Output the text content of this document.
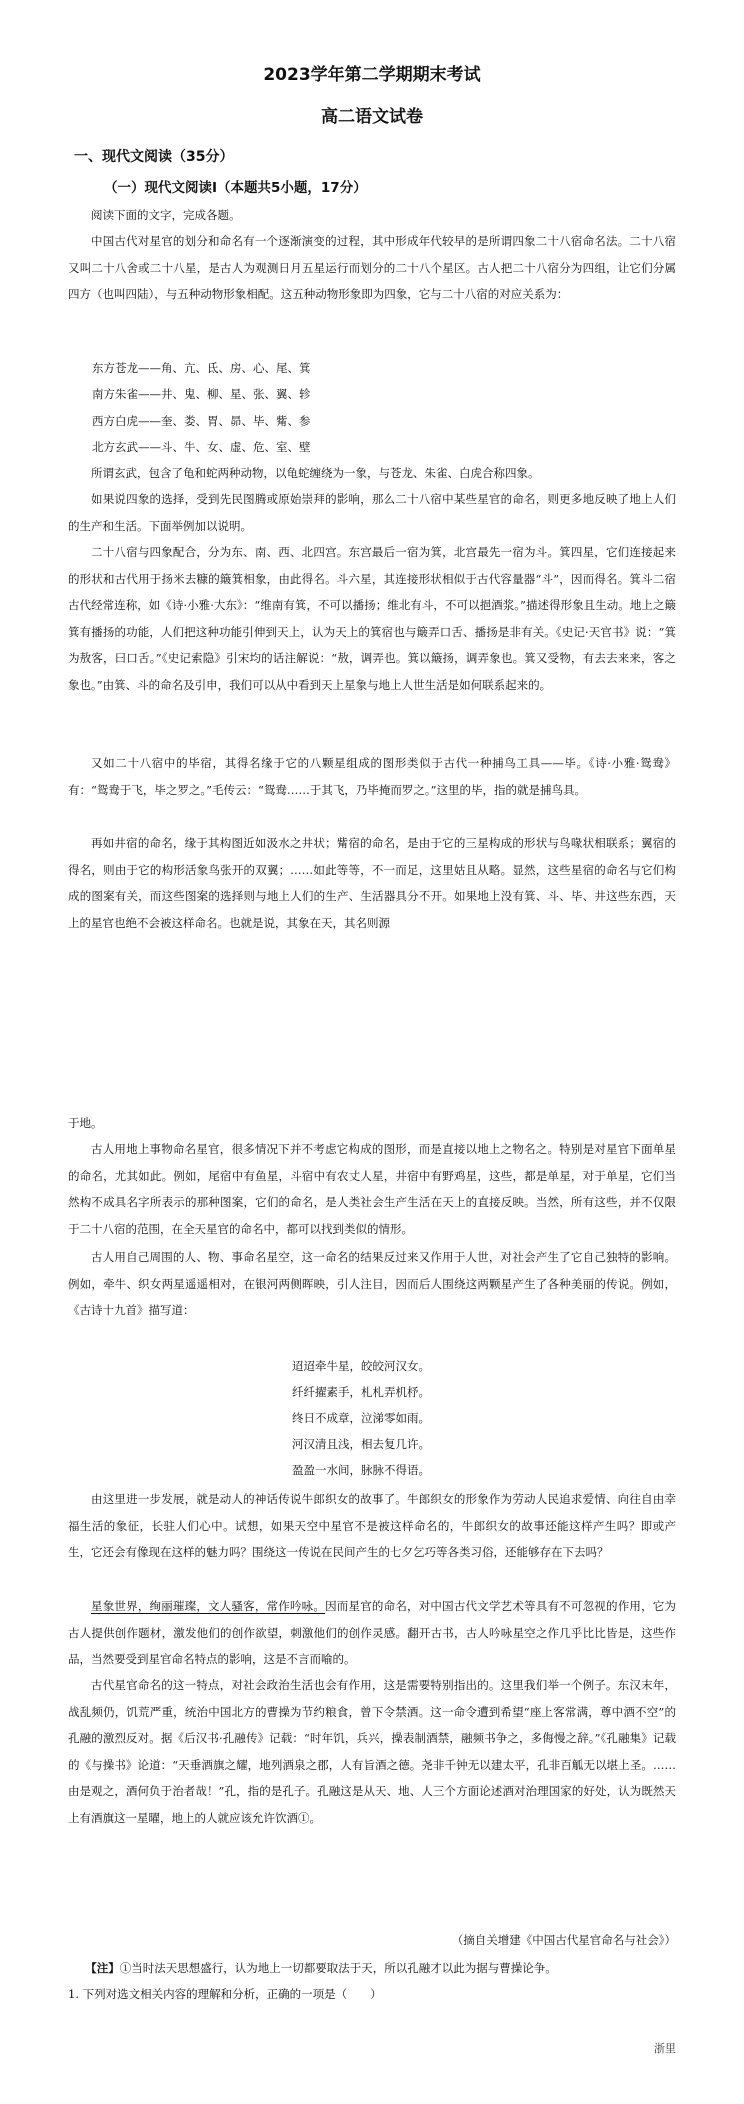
2023学年第二学期期末考试
高二语文试卷
一、现代文阅读（35分）
（一）现代文阅读Ⅰ（本题共5小题，17分）

阅读下面的文字，完成各题。

中国古代对星官的划分和命名有一个逐渐演变的过程，其中形成年代较早的是所谓四象二十八宿命名法。二十八宿又叫二十八舍或二十八星，是古人为观测日月五星运行而划分的二十八个星区。古人把二十八宿分为四组，让它们分属四方（也叫四陆），与五种动物形象相配。这五种动物形象即为四象，它与二十八宿的对应关系为：

东方苍龙——角、亢、氐、房、心、尾、箕
南方朱雀——井、鬼、柳、星、张、翼、轸
西方白虎——奎、娄、胃、昴、毕、觜、参
北方玄武——斗、牛、女、虚、危、室、壁

所谓玄武，包含了龟和蛇两种动物，以龟蛇缠绕为一象，与苍龙、朱雀、白虎合称四象。

如果说四象的选择，受到先民图腾或原始崇拜的影响，那么二十八宿中某些星官的命名，则更多地反映了地上人们的生产和生活。下面举例加以说明。

二十八宿与四象配合，分为东、南、西、北四宫。东宫最后一宿为箕，北宫最先一宿为斗。箕四星，它们连接起来的形状和古代用于扬米去糠的簸箕相象，由此得名。斗六星，其连接形状相似于古代容量器“斗”，因而得名。箕斗二宿古代经常连称，如《诗·小雅·大东》：“维南有箕，不可以播扬；维北有斗，不可以挹酒浆。”描述得形象且生动。地上之簸箕有播扬的功能，人们把这种功能引伸到天上，认为天上的箕宿也与簸弄口舌、播扬是非有关。《史记·天官书》说：“箕为敖客，曰口舌。”《史记索隐》引宋均的话注解说：“敖，调弄也。箕以簸扬，调弄象也。箕又受物，有去去来来，客之象也。”由箕、斗的命名及引申，我们可以从中看到天上星象与地上人世生活是如何联系起来的。

又如二十八宿中的毕宿，其得名缘于它的八颗星组成的图形类似于古代一种捕鸟工具——毕。《诗·小雅·鸳鸯》有：“鸳鸯于飞，毕之罗之。”毛传云：“鸳鸯……于其飞，乃毕掩而罗之。”这里的毕，指的就是捕鸟具。

再如井宿的命名，缘于其构图近如汲水之井状；觜宿的命名，是由于它的三星构成的形状与鸟喙状相联系；翼宿的得名，则由于它的构形活象鸟张开的双翼；……如此等等，不一而足，这里姑且从略。显然，这些星宿的命名与它们构成的图案有关，而这些图案的选择则与地上人们的生产、生活器具分不开。如果地上没有箕、斗、毕、井这些东西，天上的星官也绝不会被这样命名。也就是说，其象在天，其名则源

于地。

古人用地上事物命名星官，很多情况下并不考虑它构成的图形，而是直接以地上之物名之。特别是对星官下面单星的命名，尤其如此。例如，尾宿中有鱼星，斗宿中有农丈人星，井宿中有野鸡星，这些，都是单星，对于单星，它们当然构不成具名字所表示的那种图案，它们的命名，是人类社会生产生活在天上的直接反映。当然，所有这些，并不仅限于二十八宿的范围，在全天星官的命名中，都可以找到类似的情形。

古人用自己周围的人、物、事命名星空，这一命名的结果反过来又作用于人世，对社会产生了它自己独特的影响。例如，牵牛、织女两星遥遥相对，在银河两侧晖映，引人注目，因而后人围绕这两颗星产生了各种美丽的传说。例如，《古诗十九首》描写道：

迢迢牵牛星，皎皎河汉女。
纤纤擢素手，札札弄机杼。
终日不成章，泣涕零如雨。
河汉清且浅，相去复几许。
盈盈一水间，脉脉不得语。

由这里进一步发展，就是动人的神话传说牛郎织女的故事了。牛郎织女的形象作为劳动人民追求爱情、向往自由幸福生活的象征，长驻人们心中。试想，如果天空中星官不是被这样命名的，牛郎织女的故事还能这样产生吗？即或产生，它还会有像现在这样的魅力吗？围绕这一传说在民间产生的七夕乞巧等各类习俗，还能够存在下去吗？

星象世界，绚丽璀璨，文人骚客，常作吟咏。因而星官的命名，对中国古代文学艺术等具有不可忽视的作用，它为古人提供创作题材，激发他们的创作欲望，刺激他们的创作灵感。翻开古书，古人吟咏星空之作几乎比比皆是，这些作品，当然要受到星官命名特点的影响，这是不言而喻的。

古代星官命名的这一特点，对社会政治生活也会有作用，这是需要特别指出的。这里我们举一个例子。东汉末年，战乱频仍，饥荒严重，统治中国北方的曹操为节约粮食，曾下令禁酒。这一命令遭到希望“座上客常满，尊中酒不空”的孔融的激烈反对。据《后汉书·孔融传》记载：“时年饥，兵兴，操表制酒禁，融频书争之，多侮慢之辞。”《孔融集》记载的《与操书》论道：“天垂酒旗之耀，地列酒泉之郡，人有旨酒之德。尧非千钟无以建太平，孔非百觚无以堪上圣。……由是观之，酒何负于治者哉！”孔，指的是孔子。孔融这是从天、地、人三个方面论述酒对治理国家的好处，认为既然天上有酒旗这一星曜，地上的人就应该允许饮酒①。

（摘自关增建《中国古代星官命名与社会》）
【注】①当时法天思想盛行，认为地上一切都要取法于天，所以孔融才以此为据与曹操论争。
1. 下列对选文相关内容的理解和分析，正确的一项是（　　）
浙里
